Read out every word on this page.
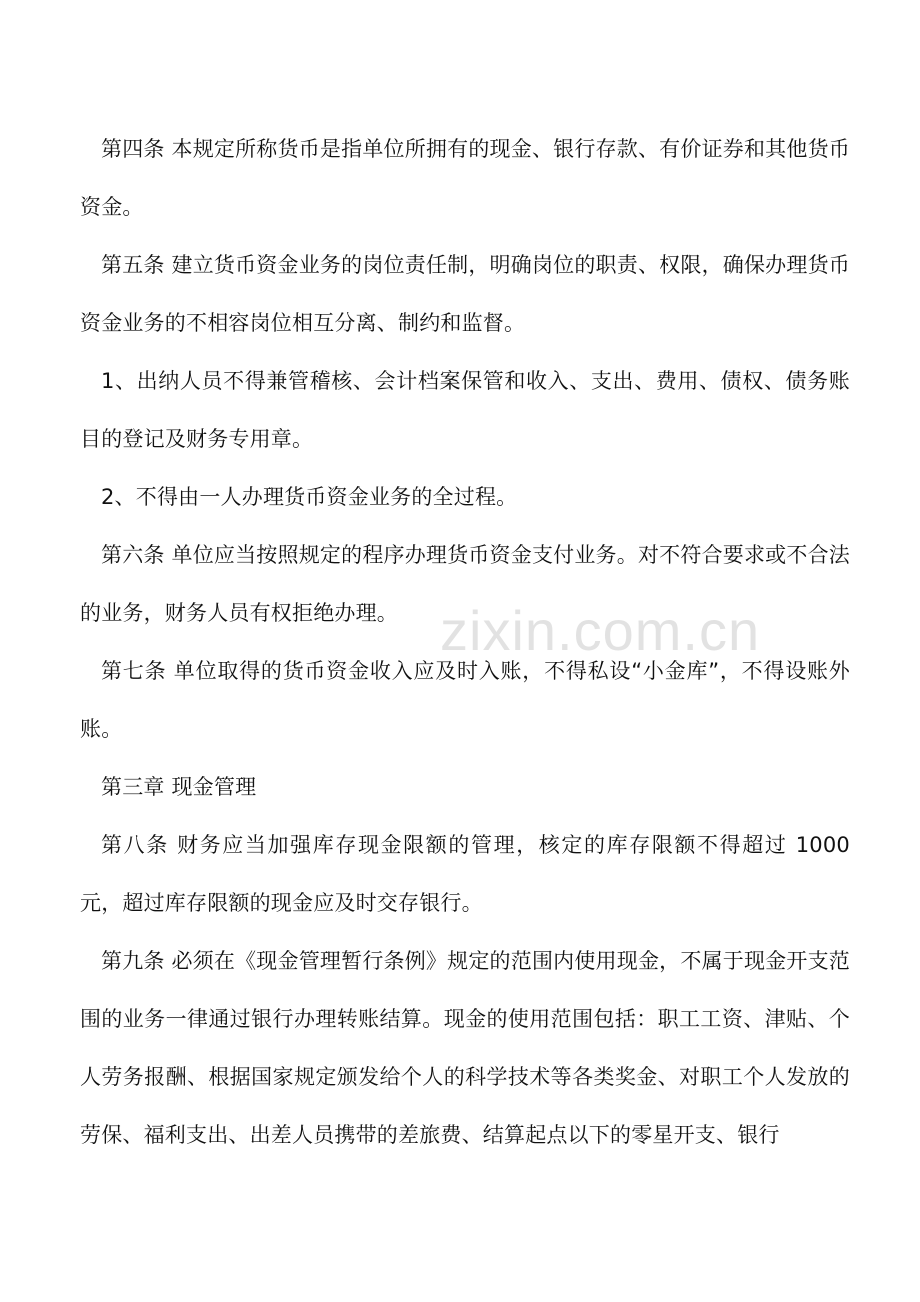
第四条 本规定所称货币是指单位所拥有的现金、银行存款、有价证券和其他货币资金。

第五条 建立货币资金业务的岗位责任制，明确岗位的职责、权限，确保办理货币资金业务的不相容岗位相互分离、制约和监督。

1、出纳人员不得兼管稽核、会计档案保管和收入、支出、费用、债权、债务账目的登记及财务专用章。

2、不得由一人办理货币资金业务的全过程。

第六条 单位应当按照规定的程序办理货币资金支付业务。对不符合要求或不合法的业务，财务人员有权拒绝办理。

第七条 单位取得的货币资金收入应及时入账，不得私设“小金库”，不得设账外账。

第三章 现金管理

第八条 财务应当加强库存现金限额的管理，核定的库存限额不得超过 1000 元，超过库存限额的现金应及时交存银行。

第九条 必须在《现金管理暂行条例》规定的范围内使用现金，不属于现金开支范围的业务一律通过银行办理转账结算。现金的使用范围包括：职工工资、津贴、个人劳务报酬、根据国家规定颁发给个人的科学技术等各类奖金、对职工个人发放的劳保、福利支出、出差人员携带的差旅费、结算起点以下的零星开支、银行

zixin.com.cn
